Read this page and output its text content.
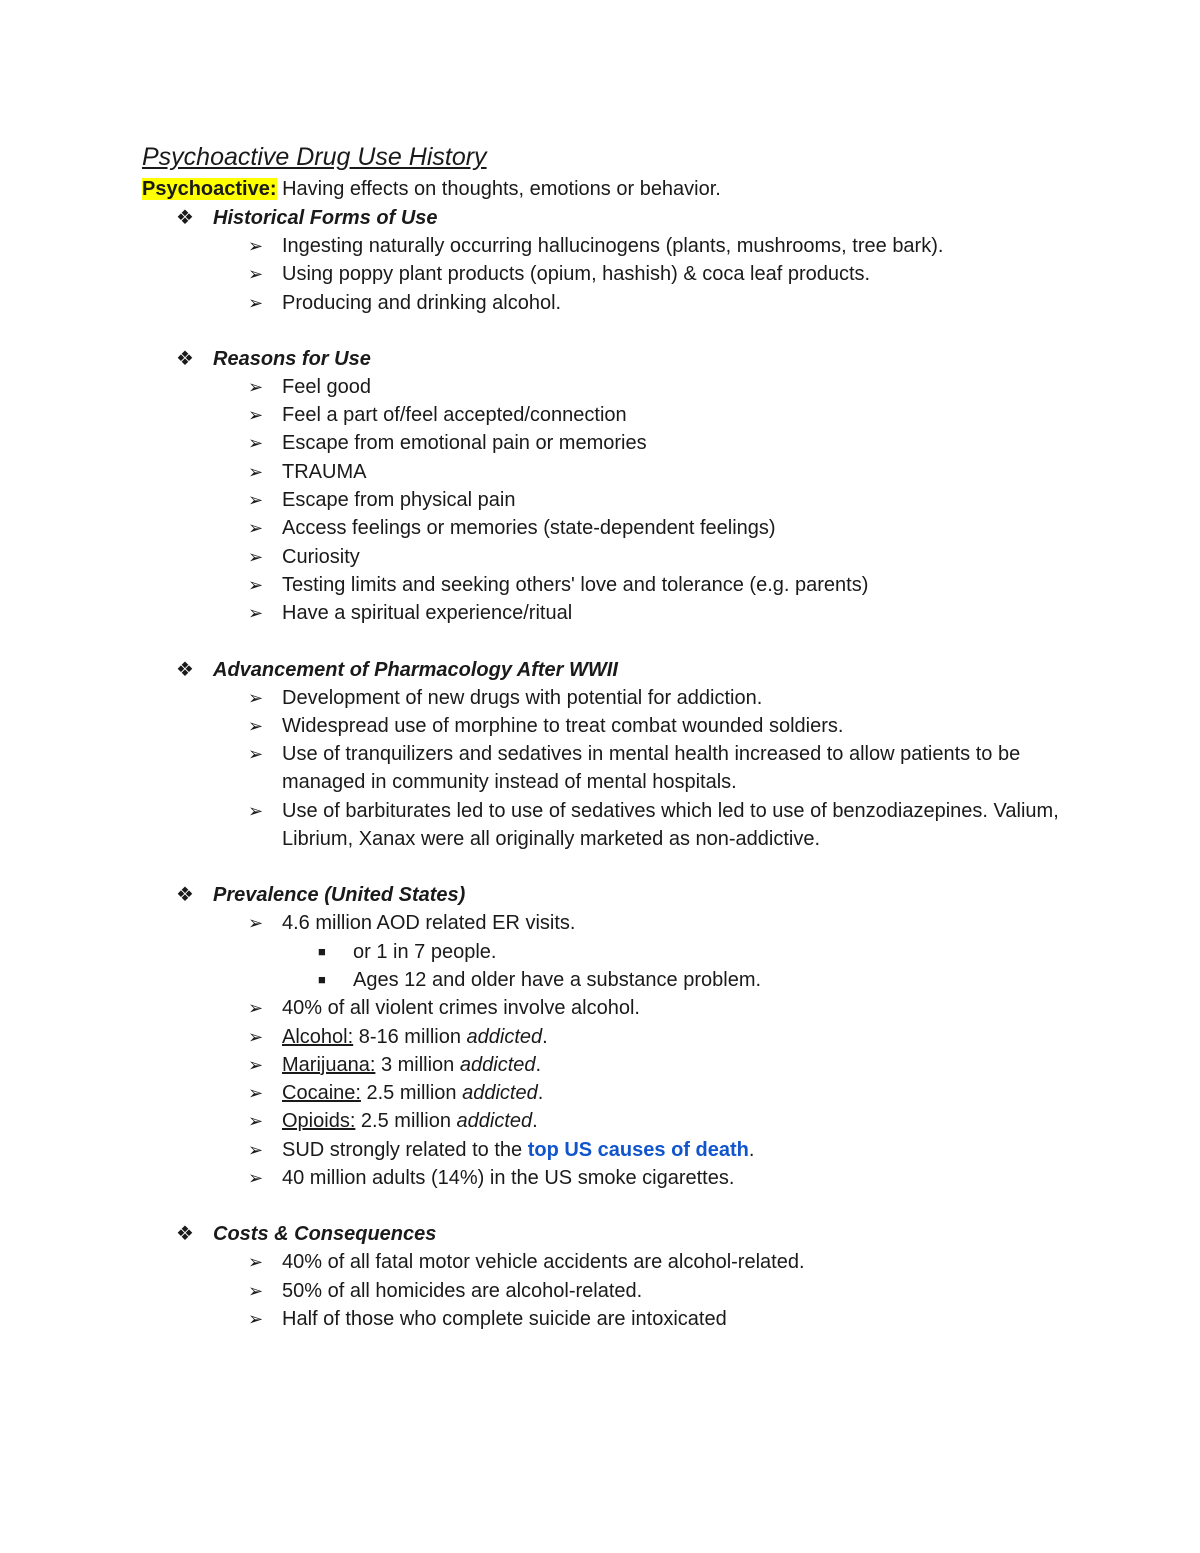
Psychoactive Drug Use History
Psychoactive: Having effects on thoughts, emotions or behavior.
❖ Historical Forms of Use
➢ Ingesting naturally occurring hallucinogens (plants, mushrooms, tree bark).
➢ Using poppy plant products (opium, hashish) & coca leaf products.
➢ Producing and drinking alcohol.
❖ Reasons for Use
➢ Feel good
➢ Feel a part of/feel accepted/connection
➢ Escape from emotional pain or memories
➢ TRAUMA
➢ Escape from physical pain
➢ Access feelings or memories (state-dependent feelings)
➢ Curiosity
➢ Testing limits and seeking others' love and tolerance (e.g. parents)
➢ Have a spiritual experience/ritual
❖ Advancement of Pharmacology After WWII
➢ Development of new drugs with potential for addiction.
➢ Widespread use of morphine to treat combat wounded soldiers.
➢ Use of tranquilizers and sedatives in mental health increased to allow patients to be managed in community instead of mental hospitals.
➢ Use of barbiturates led to use of sedatives which led to use of benzodiazepines. Valium, Librium, Xanax were all originally marketed as non-addictive.
❖ Prevalence (United States)
➢ 4.6 million AOD related ER visits.
■ or 1 in 7 people.
■ Ages 12 and older have a substance problem.
➢ 40% of all violent crimes involve alcohol.
➢ Alcohol: 8-16 million addicted.
➢ Marijuana: 3 million addicted.
➢ Cocaine: 2.5 million addicted.
➢ Opioids: 2.5 million addicted.
➢ SUD strongly related to the top US causes of death.
➢ 40 million adults (14%) in the US smoke cigarettes.
❖ Costs & Consequences
➢ 40% of all fatal motor vehicle accidents are alcohol-related.
➢ 50% of all homicides are alcohol-related.
➢ Half of those who complete suicide are intoxicated
